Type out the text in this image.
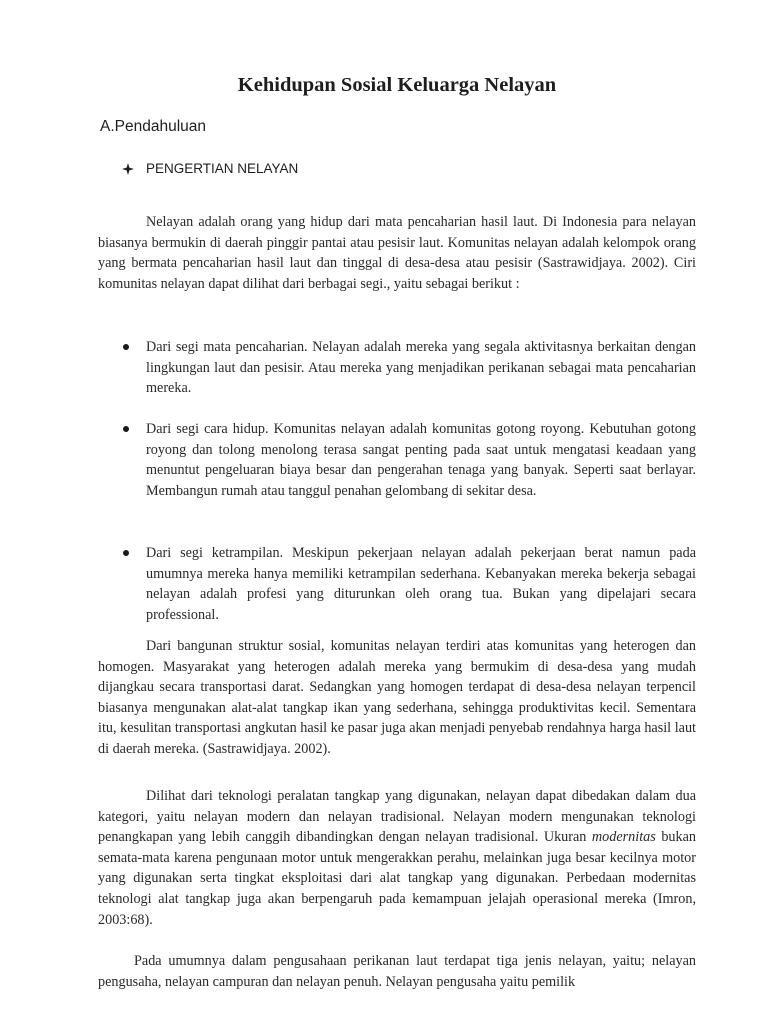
Kehidupan Sosial Keluarga Nelayan
A.Pendahuluan
PENGERTIAN NELAYAN

Nelayan adalah orang yang hidup dari mata pencaharian hasil laut. Di Indonesia para nelayan biasanya bermukin di daerah pinggir pantai atau pesisir laut. Komunitas nelayan adalah kelompok orang yang bermata pencaharian hasil laut dan tinggal di desa-desa atau pesisir (Sastrawidjaya. 2002). Ciri komunitas nelayan dapat dilihat dari berbagai segi., yaitu sebagai berikut :

Dari segi mata pencaharian. Nelayan adalah mereka yang segala aktivitasnya berkaitan dengan lingkungan laut dan pesisir. Atau mereka yang menjadikan perikanan sebagai mata pencaharian mereka.
Dari segi cara hidup. Komunitas nelayan adalah komunitas gotong royong. Kebutuhan gotong royong dan tolong menolong terasa sangat penting pada saat untuk mengatasi keadaan yang menuntut pengeluaran biaya besar dan pengerahan tenaga yang banyak. Seperti saat berlayar. Membangun rumah atau tanggul penahan gelombang di sekitar desa.
Dari segi ketrampilan. Meskipun pekerjaan nelayan adalah pekerjaan berat namun pada umumnya mereka hanya memiliki ketrampilan sederhana. Kebanyakan mereka bekerja sebagai nelayan adalah profesi yang diturunkan oleh orang tua. Bukan yang dipelajari secara professional.

Dari bangunan struktur sosial, komunitas nelayan terdiri atas komunitas yang heterogen dan homogen. Masyarakat yang heterogen adalah mereka yang bermukim di desa-desa yang mudah dijangkau secara transportasi darat. Sedangkan yang homogen terdapat di desa-desa nelayan terpencil biasanya mengunakan alat-alat tangkap ikan yang sederhana, sehingga produktivitas kecil. Sementara itu, kesulitan transportasi angkutan hasil ke pasar juga akan menjadi penyebab rendahnya harga hasil laut di daerah mereka. (Sastrawidjaya. 2002).

Dilihat dari teknologi peralatan tangkap yang digunakan, nelayan dapat dibedakan dalam dua kategori, yaitu nelayan modern dan nelayan tradisional. Nelayan modern mengunakan teknologi penangkapan yang lebih canggih dibandingkan dengan nelayan tradisional. Ukuran modernitas bukan semata-mata karena pengunaan motor untuk mengerakkan perahu, melainkan juga besar kecilnya motor yang digunakan serta tingkat eksploitasi dari alat tangkap yang digunakan. Perbedaan modernitas teknologi alat tangkap juga akan berpengaruh pada kemampuan jelajah operasional mereka (Imron, 2003:68).

Pada umumnya dalam pengusahaan perikanan laut terdapat tiga jenis nelayan, yaitu; nelayan pengusaha, nelayan campuran dan nelayan penuh. Nelayan pengusaha yaitu pemilik
